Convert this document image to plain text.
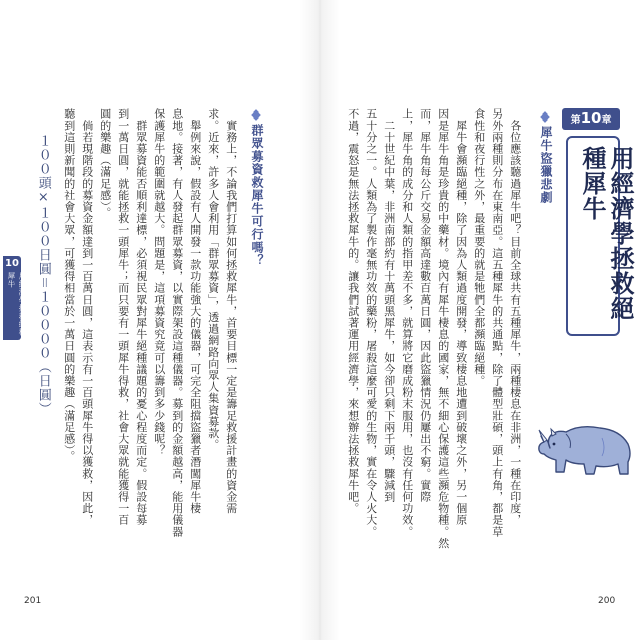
第10章
用經濟學拯救絕種犀牛
犀牛盜獵悲劇
　各位應該聽過犀牛吧？目前全球共有五種犀牛，兩種棲息在非洲，一種在印度，
另外兩種則分布在東南亞。這五種犀牛的共通點，除了體型壯碩，頭上有角，都是草
食性和夜行性之外，最重要的就是牠們全都瀕臨絕種。
　犀牛會瀕臨絕種，除了因為人類過度開發，導致棲息地遭到破壞之外，另一個原
因是犀牛角是珍貴的中藥材。境內有犀牛棲息的國家，無不細心保護這些瀕危物種。然
而，犀牛角每公斤交易金額高達數百萬日圓，因此盜獵情況仍屢出不窮。實際
上，犀牛角的成分和人類的指甲差不多，就算將它磨成粉末服用，也沒有任何功效。
　二十世紀中葉，非洲南部約有十萬頭黑犀牛，如今卻只剩下兩千頭，驟減到
五十分之一。人類為了製作毫無功效的藥粉，屠殺這麼可愛的生物，實在令人火大。
不過，震怒是無法拯救犀牛的。讓我們試著運用經濟學，來想辦法拯救犀牛吧。
200
群眾募資救犀牛可行嗎？
　實務上，不論我們打算如何拯救犀牛，首要目標一定是籌足救援計畫的資金需
求。近來，許多人會利用「群眾募資」，透過網路向眾人集資募款。
　舉例來說，假設有人開發一款功能強大的儀器，可完全阻擋盜獵者潛闖犀牛棲
息地。接著，有人發起群眾募資，以實際架設這種儀器。募到的金額越高，能用儀器
保護犀牛的範圍就越大。問題是，這項募資究竟可以籌到多少錢呢？
　群眾募資能否順利達標，必須視民眾對犀牛絕種議題的憂心程度而定。假設每募
到一萬日圓，就能拯救一頭犀牛；而只要有一頭犀牛得救，社會大眾就能獲得一百
圓的樂趣（滿足感）。
　倘若現階段的募資金額達到一百萬日圓，這表示有一百頭犀牛得以獲救，因此，
聽到這則新聞的社會大眾，可獲得相當於一萬日圓的樂趣（滿足感）。
１００頭×１００日圓＝１００００（日圓）
10
用經濟學拯救絕種犀牛
201
